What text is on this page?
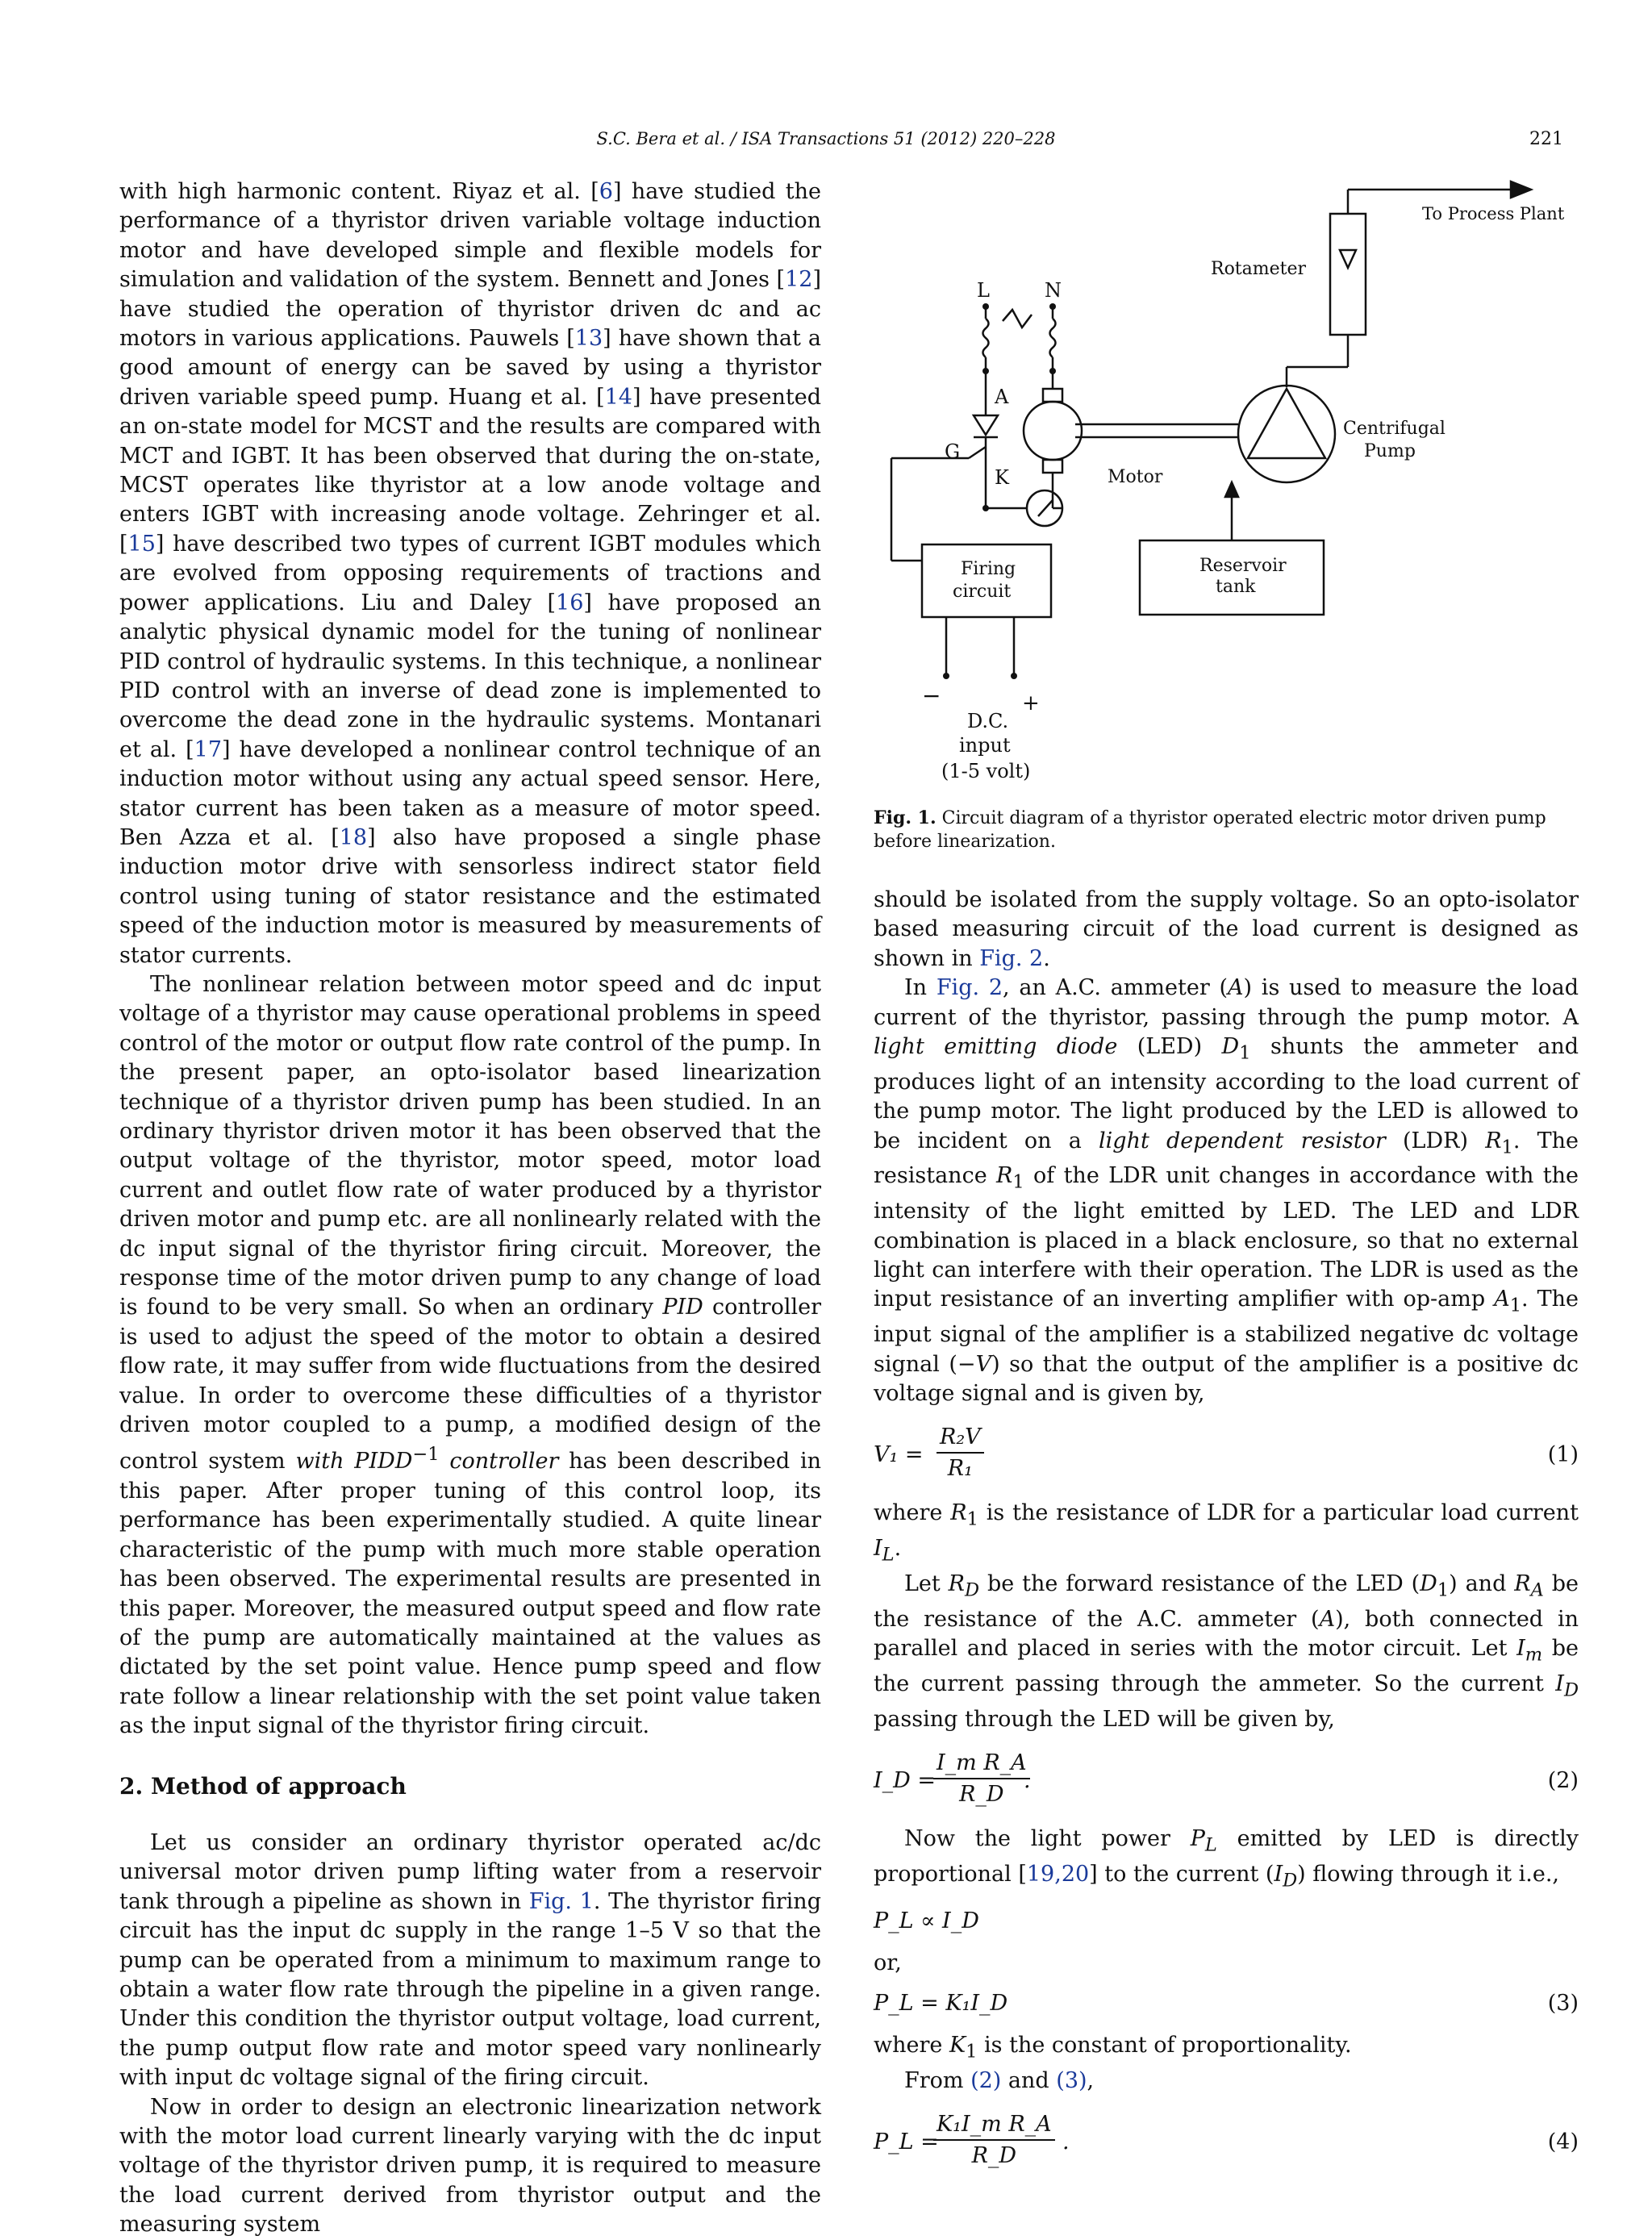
S.C. Bera et al. / ISA Transactions 51 (2012) 220–228	221

with high harmonic content. Riyaz et al. [6] have studied the performance of a thyristor driven variable voltage induction motor and have developed simple and flexible models for simulation and validation of the system. Bennett and Jones [12] have studied the operation of thyristor driven dc and ac motors in various applications. Pauwels [13] have shown that a good amount of energy can be saved by using a thyristor driven variable speed pump. Huang et al. [14] have presented an on-state model for MCST and the results are compared with MCT and IGBT. It has been observed that during the on-state, MCST operates like thyristor at a low anode voltage and enters IGBT with increasing anode voltage. Zehringer et al. [15] have described two types of current IGBT modules which are evolved from opposing requirements of tractions and power applications. Liu and Daley [16] have proposed an analytic physical dynamic model for the tuning of nonlinear PID control of hydraulic systems. In this technique, a nonlinear PID control with an inverse of dead zone is implemented to overcome the dead zone in the hydraulic systems. Montanari et al. [17] have developed a nonlinear control technique of an induction motor without using any actual speed sensor. Here, stator current has been taken as a measure of motor speed. Ben Azza et al. [18] also have proposed a single phase induction motor drive with sensorless indirect stator field control using tuning of stator resistance and the estimated speed of the induction motor is measured by measurements of stator currents.

The nonlinear relation between motor speed and dc input voltage of a thyristor may cause operational problems in speed control of the motor or output flow rate control of the pump. In the present paper, an opto-isolator based linearization technique of a thyristor driven pump has been studied. In an ordinary thyristor driven motor it has been observed that the output voltage of the thyristor, motor speed, motor load current and outlet flow rate of water produced by a thyristor driven motor and pump etc. are all nonlinearly related with the dc input signal of the thyristor firing circuit. Moreover, the response time of the motor driven pump to any change of load is found to be very small. So when an ordinary PID controller is used to adjust the speed of the motor to obtain a desired flow rate, it may suffer from wide fluctuations from the desired value. In order to overcome these difficulties of a thyristor driven motor coupled to a pump, a modified design of the control system with $PIDD^{-1}$ controller has been described in this paper. After proper tuning of this control loop, its performance has been experimentally studied. A quite linear characteristic of the pump with much more stable operation has been observed. The experimental results are presented in this paper. Moreover, the measured output speed and flow rate of the pump are automatically maintained at the values as dictated by the set point value. Hence pump speed and flow rate follow a linear relationship with the set point value taken as the input signal of the thyristor firing circuit.

2. Method of approach

Let us consider an ordinary thyristor operated ac/dc universal motor driven pump lifting water from a reservoir tank through a pipeline as shown in Fig. 1. The thyristor firing circuit has the input dc supply in the range 1–5 V so that the pump can be operated from a minimum to maximum range to obtain a water flow rate through the pipeline in a given range. Under this condition the thyristor output voltage, load current, the pump output flow rate and motor speed vary nonlinearly with input dc voltage signal of the firing circuit.

Now in order to design an electronic linearization network with the motor load current linearly varying with the dc input voltage of the thyristor driven pump, it is required to measure the load current derived from thyristor output and the measuring system

L	N
A
G
K	Motor
Rotameter
To Process Plant
Centrifugal
Pump
Reservoir
tank
Firing
circuit
−	+
D.C.
input
(1-5 volt)
Fig. 1. Circuit diagram of a thyristor operated electric motor driven pump before linearization.

should be isolated from the supply voltage. So an opto-isolator based measuring circuit of the load current is designed as shown in Fig. 2.

In Fig. 2, an A.C. ammeter (A) is used to measure the load current of the thyristor, passing through the pump motor. A light emitting diode (LED) $D_1$ shunts the ammeter and produces light of an intensity according to the load current of the pump motor. The light produced by the LED is allowed to be incident on a light dependent resistor (LDR) $R_1$. The resistance $R_1$ of the LDR unit changes in accordance with the intensity of the light emitted by LED. The LED and LDR combination is placed in a black enclosure, so that no external light can interfere with their operation. The LDR is used as the input resistance of an inverting amplifier with op-amp $A_1$. The input signal of the amplifier is a stabilized negative dc voltage signal (−V) so that the output of the amplifier is a positive dc voltage signal and is given by,

$V_1 = \frac{\text{R₂V}}{\text{R₁}}$	(1)

where $R_1$ is the resistance of LDR for a particular load current $I_L$.

Let $R_D$ be the forward resistance of the LED $(D_1)$ and $R_A$ be the resistance of the A.C. ammeter (A), both connected in parallel and placed in series with the motor circuit. Let $I_m$ be the current passing through the ammeter. So the current $I_D$ passing through the LED will be given by,

I_D =
$\frac{\text{I\_m R\_A}}{R\_D}$
.	(2)

Now the light power $P_L$ emitted by LED is directly proportional [19,20] to the current $(I_D)$ flowing through it i.e.,

P_L ∝ I_D

or,

P_L = K₁I_D	(3)

where $K_1$ is the constant of proportionality.

From (2) and (3),

P_L =
$\frac{\text{K₁I\_m R\_A}}{R\_D}$ .	(4)
